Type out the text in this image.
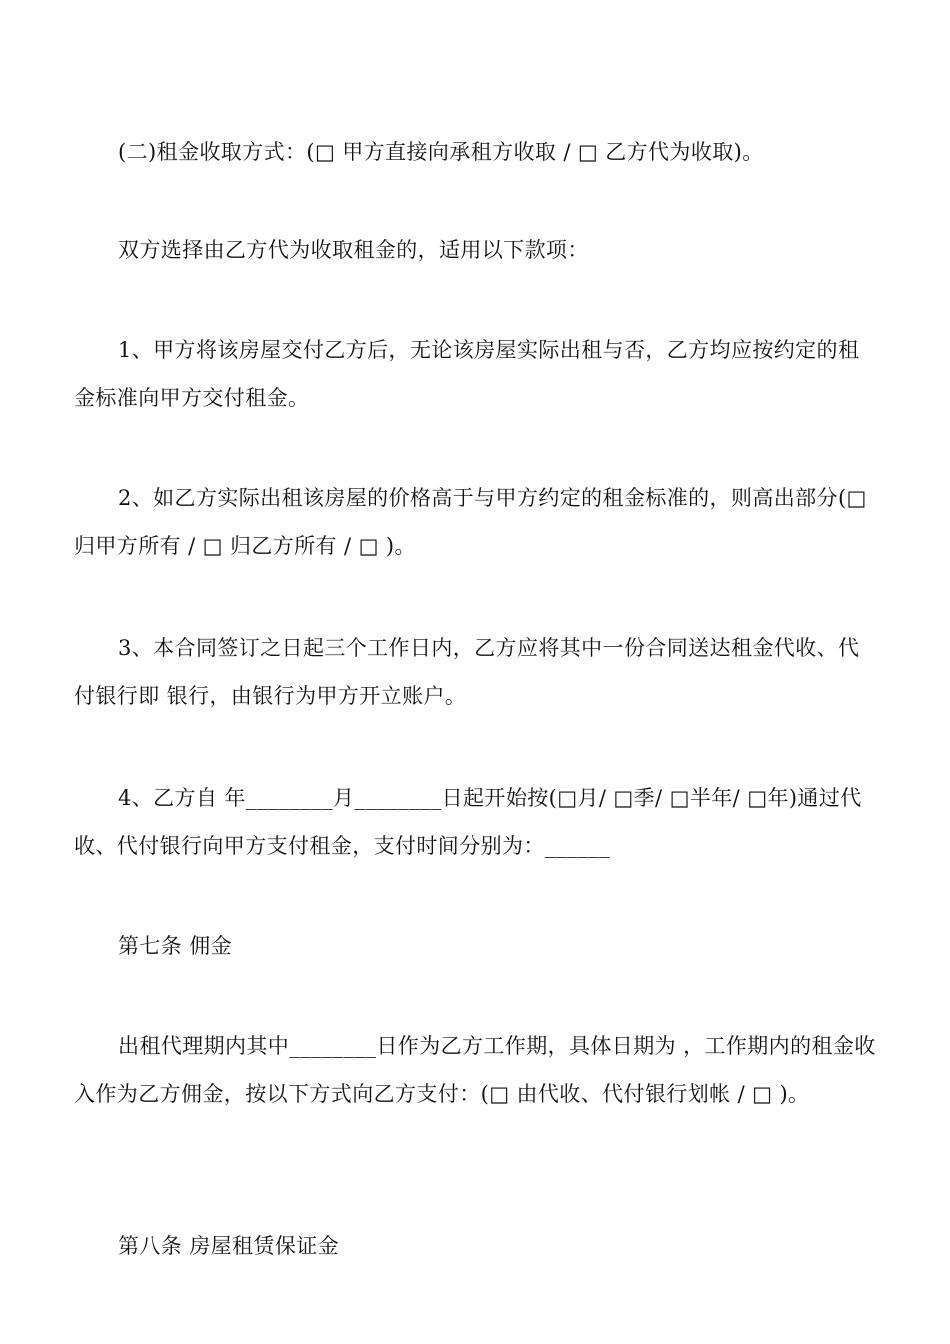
(二)租金收取方式：(□ 甲方直接向承租方收取 / □ 乙方代为收取)。

双方选择由乙方代为收取租金的，适用以下款项：

1、甲方将该房屋交付乙方后，无论该房屋实际出租与否，乙方均应按约定的租金标准向甲方交付租金。

2、如乙方实际出租该房屋的价格高于与甲方约定的租金标准的，则高出部分(□ 归甲方所有 / □ 归乙方所有 / □ )。

3、本合同签订之日起三个工作日内，乙方应将其中一份合同送达租金代收、代付银行即 银行，由银行为甲方开立账户。

4、乙方自 年________月________日起开始按(□月/ □季/ □半年/ □年)通过代收、代付银行向甲方支付租金，支付时间分别为：______

第七条 佣金

出租代理期内其中________日作为乙方工作期，具体日期为 ，工作期内的租金收入作为乙方佣金，按以下方式向乙方支付：(□ 由代收、代付银行划帐 / □ )。

第八条 房屋租赁保证金
